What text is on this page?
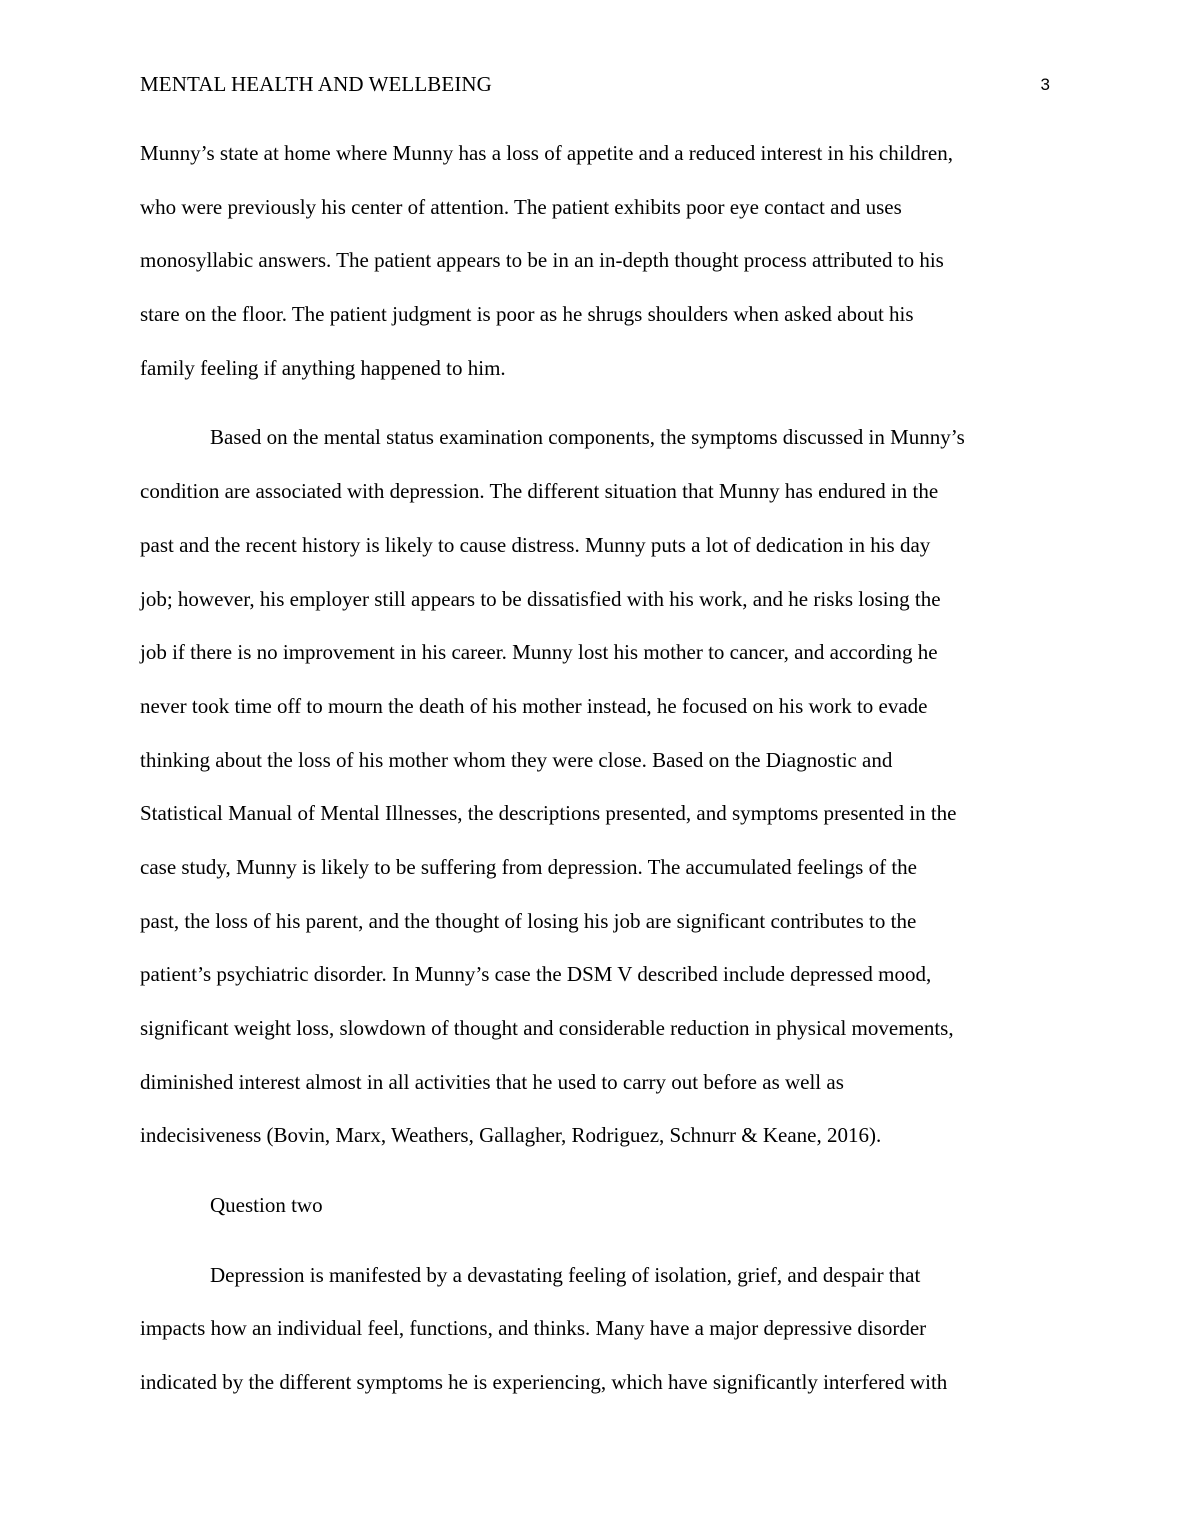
MENTAL HEALTH AND WELLBEING	3
Munny’s state at home where Munny has a loss of appetite and a reduced interest in his children,
who were previously his center of attention. The patient exhibits poor eye contact and uses
monosyllabic answers. The patient appears to be in an in-depth thought process attributed to his
stare on the floor. The patient judgment is poor as he shrugs shoulders when asked about his
family feeling if anything happened to him.
Based on the mental status examination components, the symptoms discussed in Munny’s
condition are associated with depression. The different situation that Munny has endured in the
past and the recent history is likely to cause distress. Munny puts a lot of dedication in his day
job; however, his employer still appears to be dissatisfied with his work, and he risks losing the
job if there is no improvement in his career. Munny lost his mother to cancer, and according he
never took time off to mourn the death of his mother instead, he focused on his work to evade
thinking about the loss of his mother whom they were close. Based on the Diagnostic and
Statistical Manual of Mental Illnesses, the descriptions presented, and symptoms presented in the
case study, Munny is likely to be suffering from depression. The accumulated feelings of the
past, the loss of his parent, and the thought of losing his job are significant contributes to the
patient’s psychiatric disorder. In Munny’s case the DSM V described include depressed mood,
significant weight loss, slowdown of thought and considerable reduction in physical movements,
diminished interest almost in all activities that he used to carry out before as well as
indecisiveness (Bovin, Marx, Weathers, Gallagher, Rodriguez, Schnurr & Keane, 2016).
Question two
Depression is manifested by a devastating feeling of isolation, grief, and despair that
impacts how an individual feel, functions, and thinks. Many have a major depressive disorder
indicated by the different symptoms he is experiencing, which have significantly interfered with
